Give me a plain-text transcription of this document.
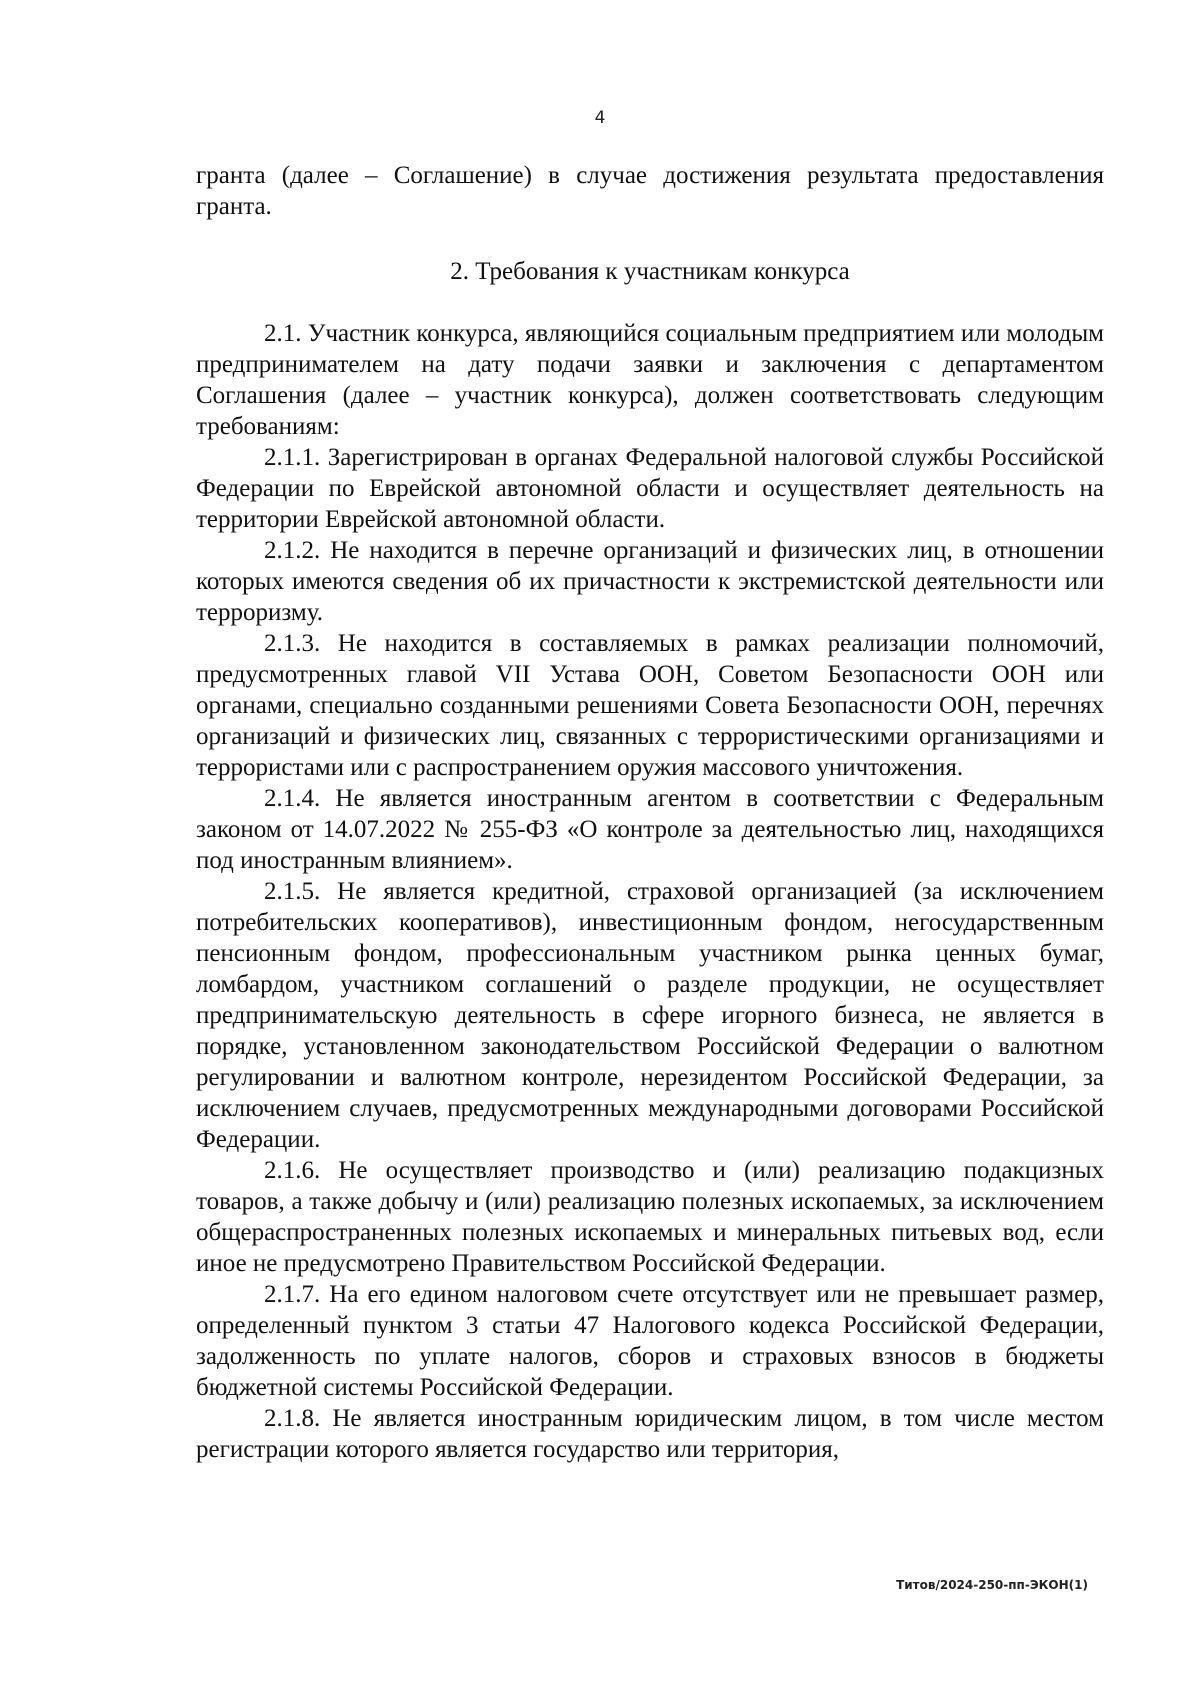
4

гранта (далее – Соглашение) в случае достижения результата предоставления гранта.

2. Требования к участникам конкурса

2.1. Участник конкурса, являющийся социальным предприятием или молодым предпринимателем на дату подачи заявки и заключения с департаментом Соглашения (далее – участник конкурса), должен соответствовать следующим требованиям:

2.1.1. Зарегистрирован в органах Федеральной налоговой службы Российской Федерации по Еврейской автономной области и осуществляет деятельность на территории Еврейской автономной области.

2.1.2. Не находится в перечне организаций и физических лиц, в отношении которых имеются сведения об их причастности к экстремистской деятельности или терроризму.

2.1.3. Не находится в составляемых в рамках реализации полномочий, предусмотренных главой VII Устава ООН, Советом Безопасности ООН или органами, специально созданными решениями Совета Безопасности ООН, перечнях организаций и физических лиц, связанных с террористическими организациями и террористами или с распространением оружия массового уничтожения.

2.1.4. Не является иностранным агентом в соответствии с Федеральным законом от 14.07.2022 № 255-ФЗ «О контроле за деятельностью лиц, находящихся под иностранным влиянием».

2.1.5. Не является кредитной, страховой организацией (за исключением потребительских кооперативов), инвестиционным фондом, негосударственным пенсионным фондом, профессиональным участником рынка ценных бумаг, ломбардом, участником соглашений о разделе продукции, не осуществляет предпринимательскую деятельность в сфере игорного бизнеса, не является в порядке, установленном законодательством Российской Федерации о валютном регулировании и валютном контроле, нерезидентом Российской Федерации, за исключением случаев, предусмотренных международными договорами Российской Федерации.

2.1.6. Не осуществляет производство и (или) реализацию подакцизных товаров, а также добычу и (или) реализацию полезных ископаемых, за исключением общераспространенных полезных ископаемых и минеральных питьевых вод, если иное не предусмотрено Правительством Российской Федерации.

2.1.7. На его едином налоговом счете отсутствует или не превышает размер, определенный пунктом 3 статьи 47 Налогового кодекса Российской Федерации, задолженность по уплате налогов, сборов и страховых взносов в бюджеты бюджетной системы Российской Федерации.

2.1.8. Не является иностранным юридическим лицом, в том числе местом регистрации которого является государство или территория,

Титов/2024-250-пп-ЭКОН(1)
